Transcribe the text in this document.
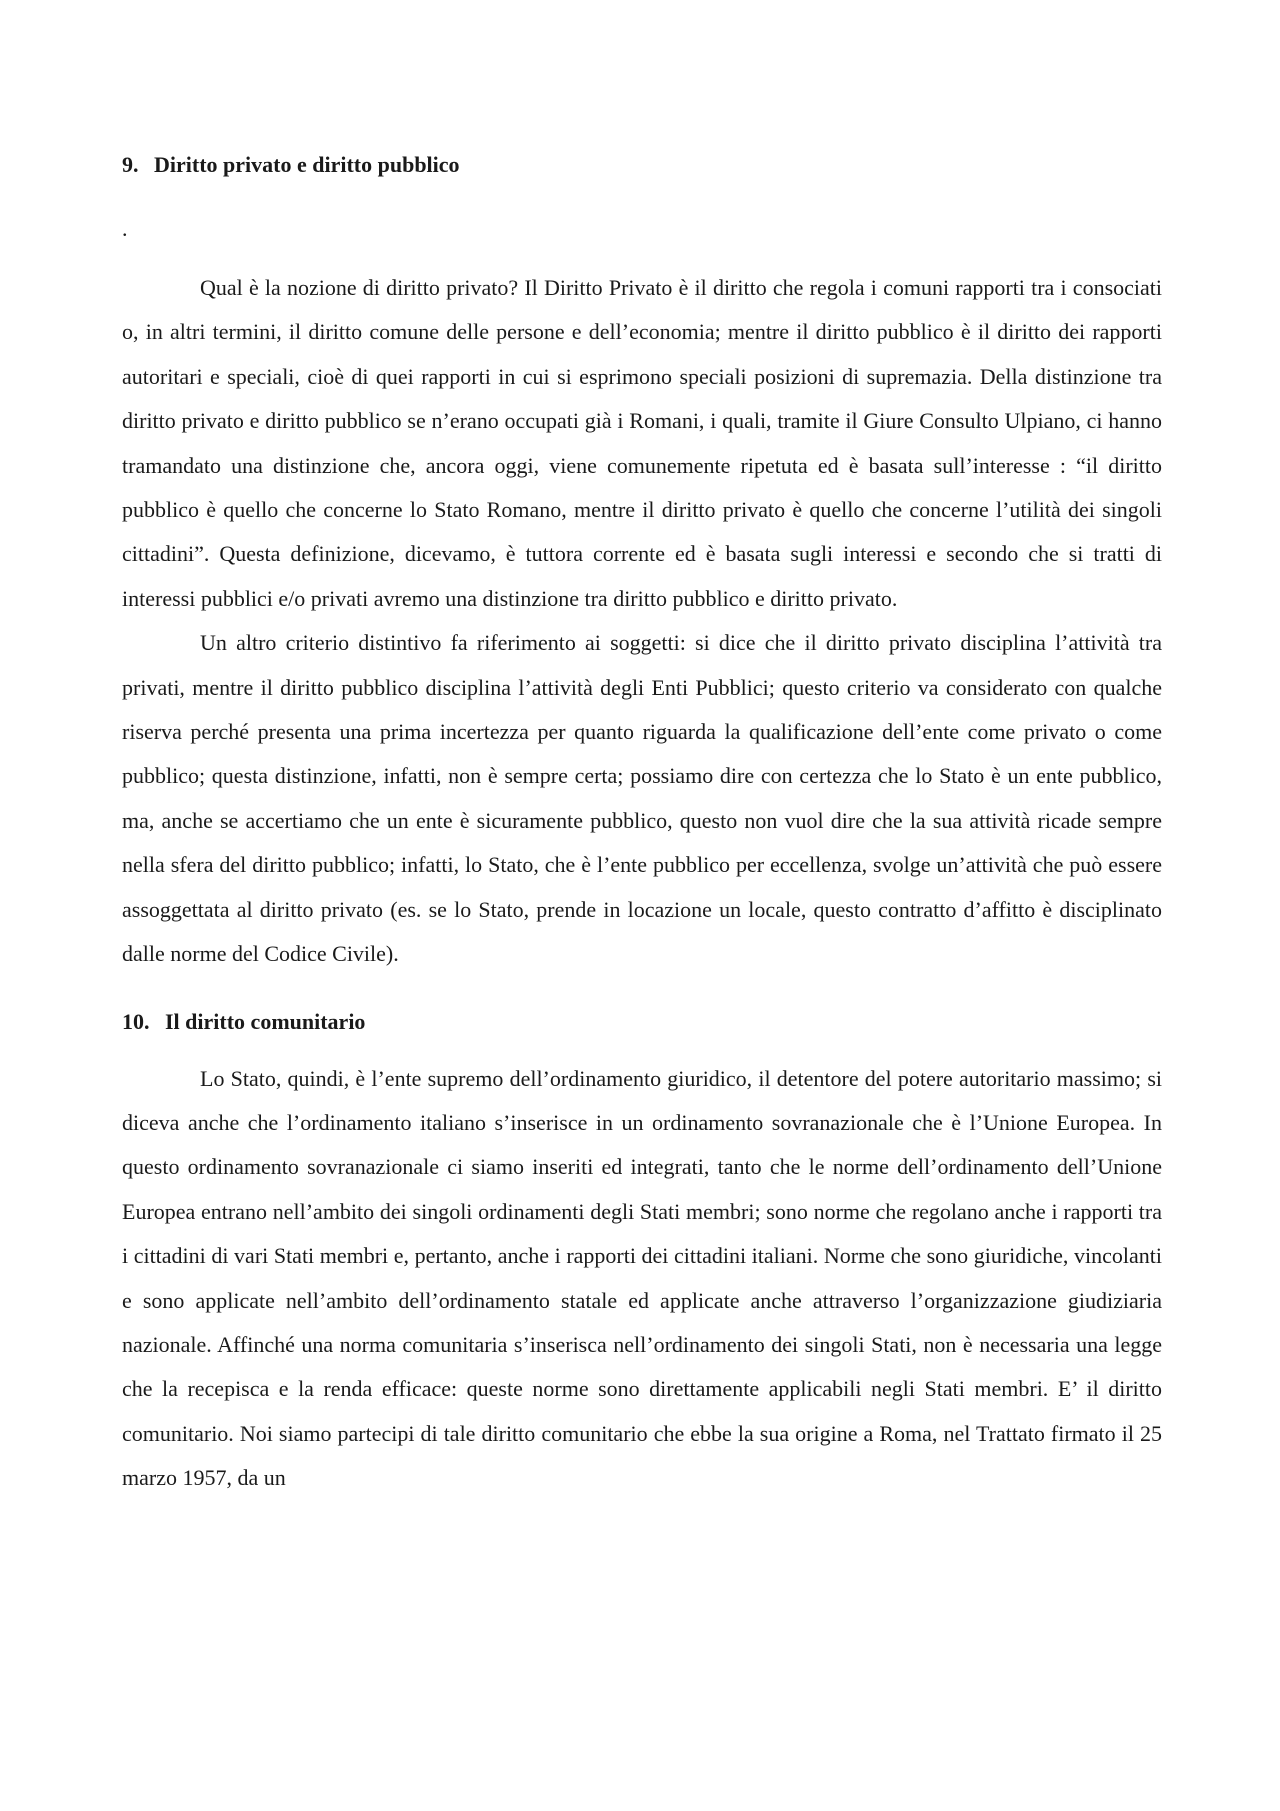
9. Diritto privato e diritto pubblico

.

Qual è la nozione di diritto privato? Il Diritto Privato è il diritto che regola i comuni rapporti tra i consociati o, in altri termini, il diritto comune delle persone e dell’economia; mentre il diritto pubblico è il diritto dei rapporti autoritari e speciali, cioè di quei rapporti in cui si esprimono speciali posizioni di supremazia. Della distinzione tra diritto privato e diritto pubblico se n’erano occupati già i Romani, i quali, tramite il Giure Consulto Ulpiano, ci hanno tramandato una distinzione che, ancora oggi, viene comunemente ripetuta ed è basata sull’interesse : “il diritto pubblico è quello che concerne lo Stato Romano, mentre il diritto privato è quello che concerne l’utilità dei singoli cittadini”. Questa definizione, dicevamo, è tuttora corrente ed è basata sugli interessi e secondo che si tratti di interessi pubblici e/o privati avremo una distinzione tra diritto pubblico e diritto privato.

Un altro criterio distintivo fa riferimento ai soggetti: si dice che il diritto privato disciplina l’attività tra privati, mentre il diritto pubblico disciplina l’attività degli Enti Pubblici; questo criterio va considerato con qualche riserva perché presenta una prima incertezza per quanto riguarda la qualificazione dell’ente come privato o come pubblico; questa distinzione, infatti, non è sempre certa; possiamo dire con certezza che lo Stato è un ente pubblico, ma, anche se accertiamo che un ente è sicuramente pubblico, questo non vuol dire che la sua attività ricade sempre nella sfera del diritto pubblico; infatti, lo Stato, che è l’ente pubblico per eccellenza, svolge un’attività che può essere assoggettata al diritto privato (es. se lo Stato, prende in locazione un locale, questo contratto d’affitto è disciplinato dalle norme del Codice Civile).

10. Il diritto comunitario

Lo Stato, quindi, è l’ente supremo dell’ordinamento giuridico, il detentore del potere autoritario massimo; si diceva anche che l’ordinamento italiano s’inserisce in un ordinamento sovranazionale che è l’Unione Europea. In questo ordinamento sovranazionale ci siamo inseriti ed integrati, tanto che le norme dell’ordinamento dell’Unione Europea entrano nell’ambito dei singoli ordinamenti degli Stati membri; sono norme che regolano anche i rapporti tra i cittadini di vari Stati membri e, pertanto, anche i rapporti dei cittadini italiani. Norme che sono giuridiche, vincolanti e sono applicate nell’ambito dell’ordinamento statale ed applicate anche attraverso l’organizzazione giudiziaria nazionale. Affinché una norma comunitaria s’inserisca nell’ordinamento dei singoli Stati, non è necessaria una legge che la recepisca e la renda efficace: queste norme sono direttamente applicabili negli Stati membri. E’ il diritto comunitario. Noi siamo partecipi di tale diritto comunitario che ebbe la sua origine a Roma, nel Trattato firmato il 25 marzo 1957, da un
